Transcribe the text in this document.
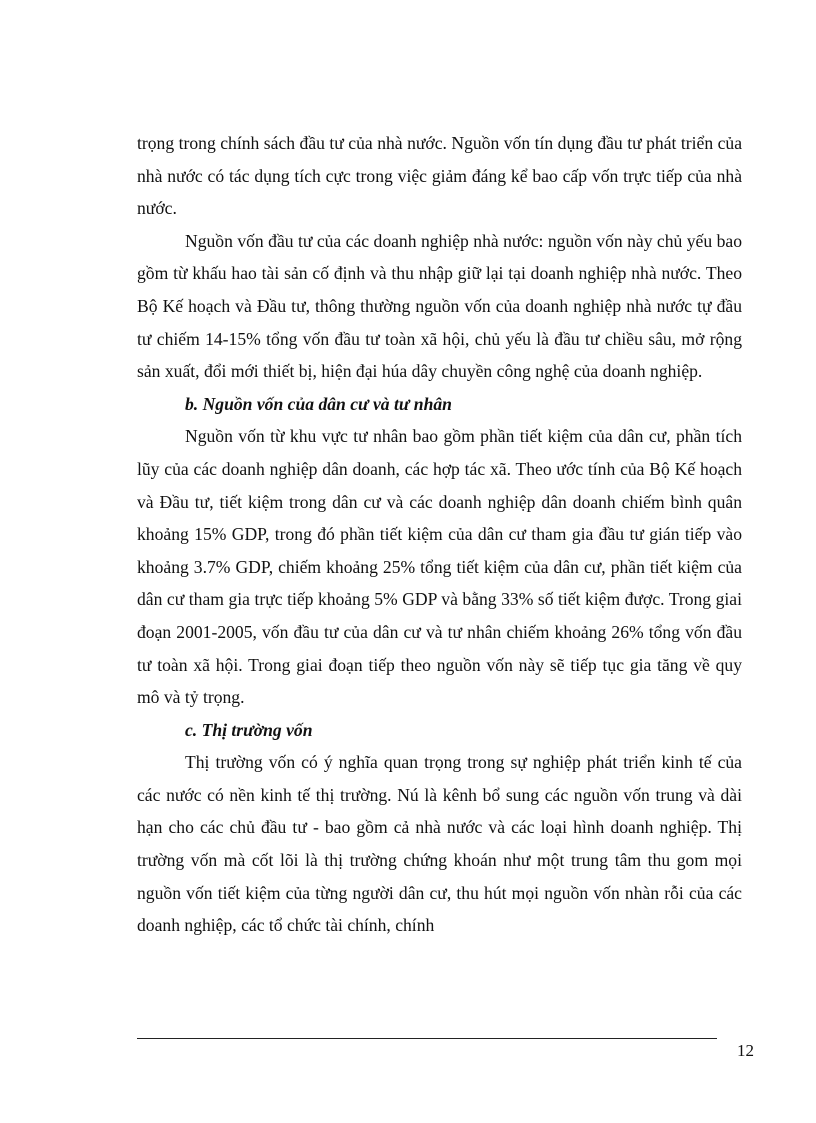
trọng trong chính sách đầu tư của nhà nước. Nguồn vốn tín dụng đầu tư phát triển của nhà nước có tác dụng tích cực trong việc giảm đáng kể bao cấp vốn trực tiếp của nhà nước.

Nguồn vốn đầu tư của các doanh nghiệp nhà nước: nguồn vốn này chủ yếu bao gồm từ khấu hao tài sản cố định và thu nhập giữ lại tại doanh nghiệp nhà nước. Theo Bộ Kế hoạch và Đầu tư, thông thường nguồn vốn của doanh nghiệp nhà nước tự đầu tư chiếm 14-15% tổng vốn đầu tư toàn xã hội, chủ yếu là đầu tư chiều sâu, mở rộng sản xuất, đổi mới thiết bị, hiện đại húa dây chuyền công nghệ của doanh nghiệp.

b. Nguồn vốn của dân cư và tư nhân

Nguồn vốn từ khu vực tư nhân bao gồm phần tiết kiệm của dân cư, phần tích lũy của các doanh nghiệp dân doanh, các hợp tác xã. Theo ước tính của Bộ Kế hoạch và Đầu tư, tiết kiệm trong dân cư và các doanh nghiệp dân doanh chiếm bình quân khoảng 15% GDP, trong đó phần tiết kiệm của dân cư tham gia đầu tư gián tiếp vào khoảng 3.7% GDP, chiếm khoảng 25% tổng tiết kiệm của dân cư, phần tiết kiệm của dân cư tham gia trực tiếp khoảng 5% GDP và bằng 33% số tiết kiệm được. Trong giai đoạn 2001-2005, vốn đầu tư của dân cư và tư nhân chiếm khoảng 26% tổng vốn đầu tư toàn xã hội. Trong giai đoạn tiếp theo nguồn vốn này sẽ tiếp tục gia tăng về quy mô và tỷ trọng.

c. Thị trường vốn

Thị trường vốn có ý nghĩa quan trọng trong sự nghiệp phát triển kinh tế của các nước có nền kinh tế thị trường. Nú là kênh bổ sung các nguồn vốn trung và dài hạn cho các chủ đầu tư - bao gồm cả nhà nước và các loại hình doanh nghiệp. Thị trường vốn mà cốt lõi là thị trường chứng khoán như một trung tâm thu gom mọi nguồn vốn tiết kiệm của từng người dân cư, thu hút mọi nguồn vốn nhàn rỗi của các doanh nghiệp, các tổ chức tài chính, chính

12
